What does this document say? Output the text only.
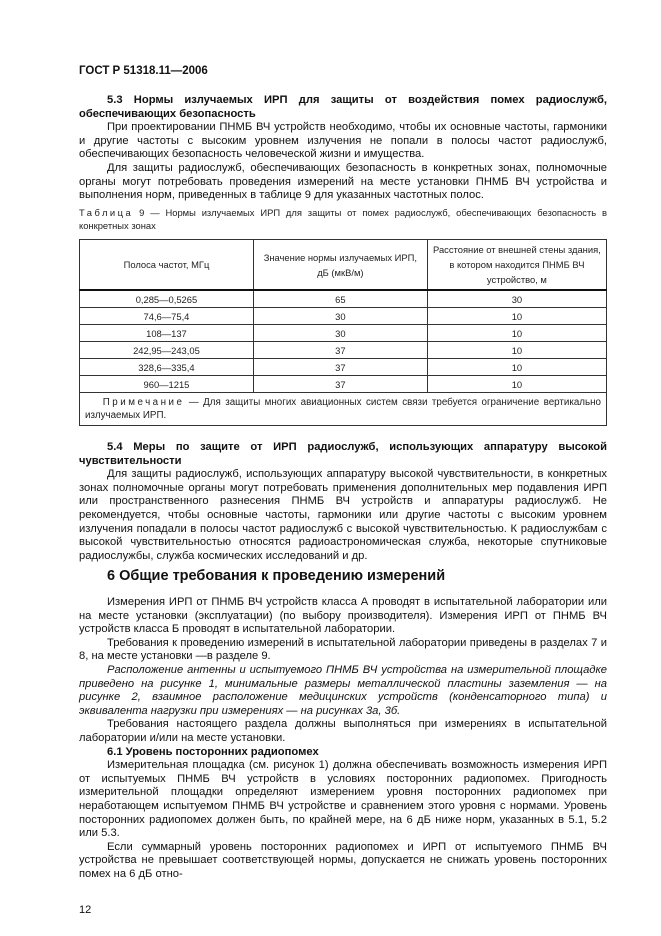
ГОСТ Р 51318.11—2006

5.3 Нормы излучаемых ИРП для защиты от воздействия помех радиослужб, обеспечивающих безопасность

При проектировании ПНМБ ВЧ устройств необходимо, чтобы их основные частоты, гармоники и другие частоты с высоким уровнем излучения не попали в полосы частот радиослужб, обеспечивающих безопасность человеческой жизни и имущества.

Для защиты радиослужб, обеспечивающих безопасность в конкретных зонах, полномочные органы могут потребовать проведения измерений на месте установки ПНМБ ВЧ устройства и выполнения норм, приведенных в таблице 9 для указанных частотных полос.

Таблица 9 — Нормы излучаемых ИРП для защиты от помех радиослужб, обеспечивающих безопасность в конкретных зонах
Полоса частот, МГц	Значение нормы излучаемых ИРП, дБ (мкВ/м)	Расстояние от внешней стены здания, в котором находится ПНМБ ВЧ устройство, м
0,285—0,5265	65	30
74,6—75,4	30	10
108—137	30	10
242,95—243,05	37	10
328,6—335,4	37	10
960—1215	37	10
Примечание — Для защиты многих авиационных систем связи требуется ограничение вертикально излучаемых ИРП.		

5.4 Меры по защите от ИРП радиослужб, использующих аппаратуру высокой чувствительности

Для защиты радиослужб, использующих аппаратуру высокой чувствительности, в конкретных зонах полномочные органы могут потребовать применения дополнительных мер подавления ИРП или пространственного разнесения ПНМБ ВЧ устройств и аппаратуры радиослужб. Не рекомендуется, чтобы основные частоты, гармоники или другие частоты с высоким уровнем излучения попадали в полосы частот радиослужб с высокой чувствительностью. К радиослужбам с высокой чувствительностью относятся радиоастрономическая служба, некоторые спутниковые радиослужбы, служба космических исследований и др.

6 Общие требования к проведению измерений

Измерения ИРП от ПНМБ ВЧ устройств класса А проводят в испытательной лаборатории или на месте установки (эксплуатации) (по выбору производителя). Измерения ИРП от ПНМБ ВЧ устройств класса Б проводят в испытательной лаборатории.

Требования к проведению измерений в испытательной лаборатории приведены в разделах 7 и 8, на месте установки —в разделе 9.

Расположение антенны и испытуемого ПНМБ ВЧ устройства на измерительной площадке приведено на рисунке 1, минимальные размеры металлической пластины заземления — на рисунке 2, взаимное расположение медицинских устройств (конденсаторного типа) и эквивалента нагрузки при измерениях — на рисунках 3а, 3б.

Требования настоящего раздела должны выполняться при измерениях в испытательной лаборатории и/или на месте установки.

6.1 Уровень посторонних радиопомех

Измерительная площадка (см. рисунок 1) должна обеспечивать возможность измерения ИРП от испытуемых ПНМБ ВЧ устройств в условиях посторонних радиопомех. Пригодность измерительной площадки определяют измерением уровня посторонних радиопомех при неработающем испытуемом ПНМБ ВЧ устройстве и сравнением этого уровня с нормами. Уровень посторонних радиопомех должен быть, по крайней мере, на 6 дБ ниже норм, указанных в 5.1, 5.2 или 5.3.

Если суммарный уровень посторонних радиопомех и ИРП от испытуемого ПНМБ ВЧ устройства не превышает соответствующей нормы, допускается не снижать уровень посторонних помех на 6 дБ отно-

12
